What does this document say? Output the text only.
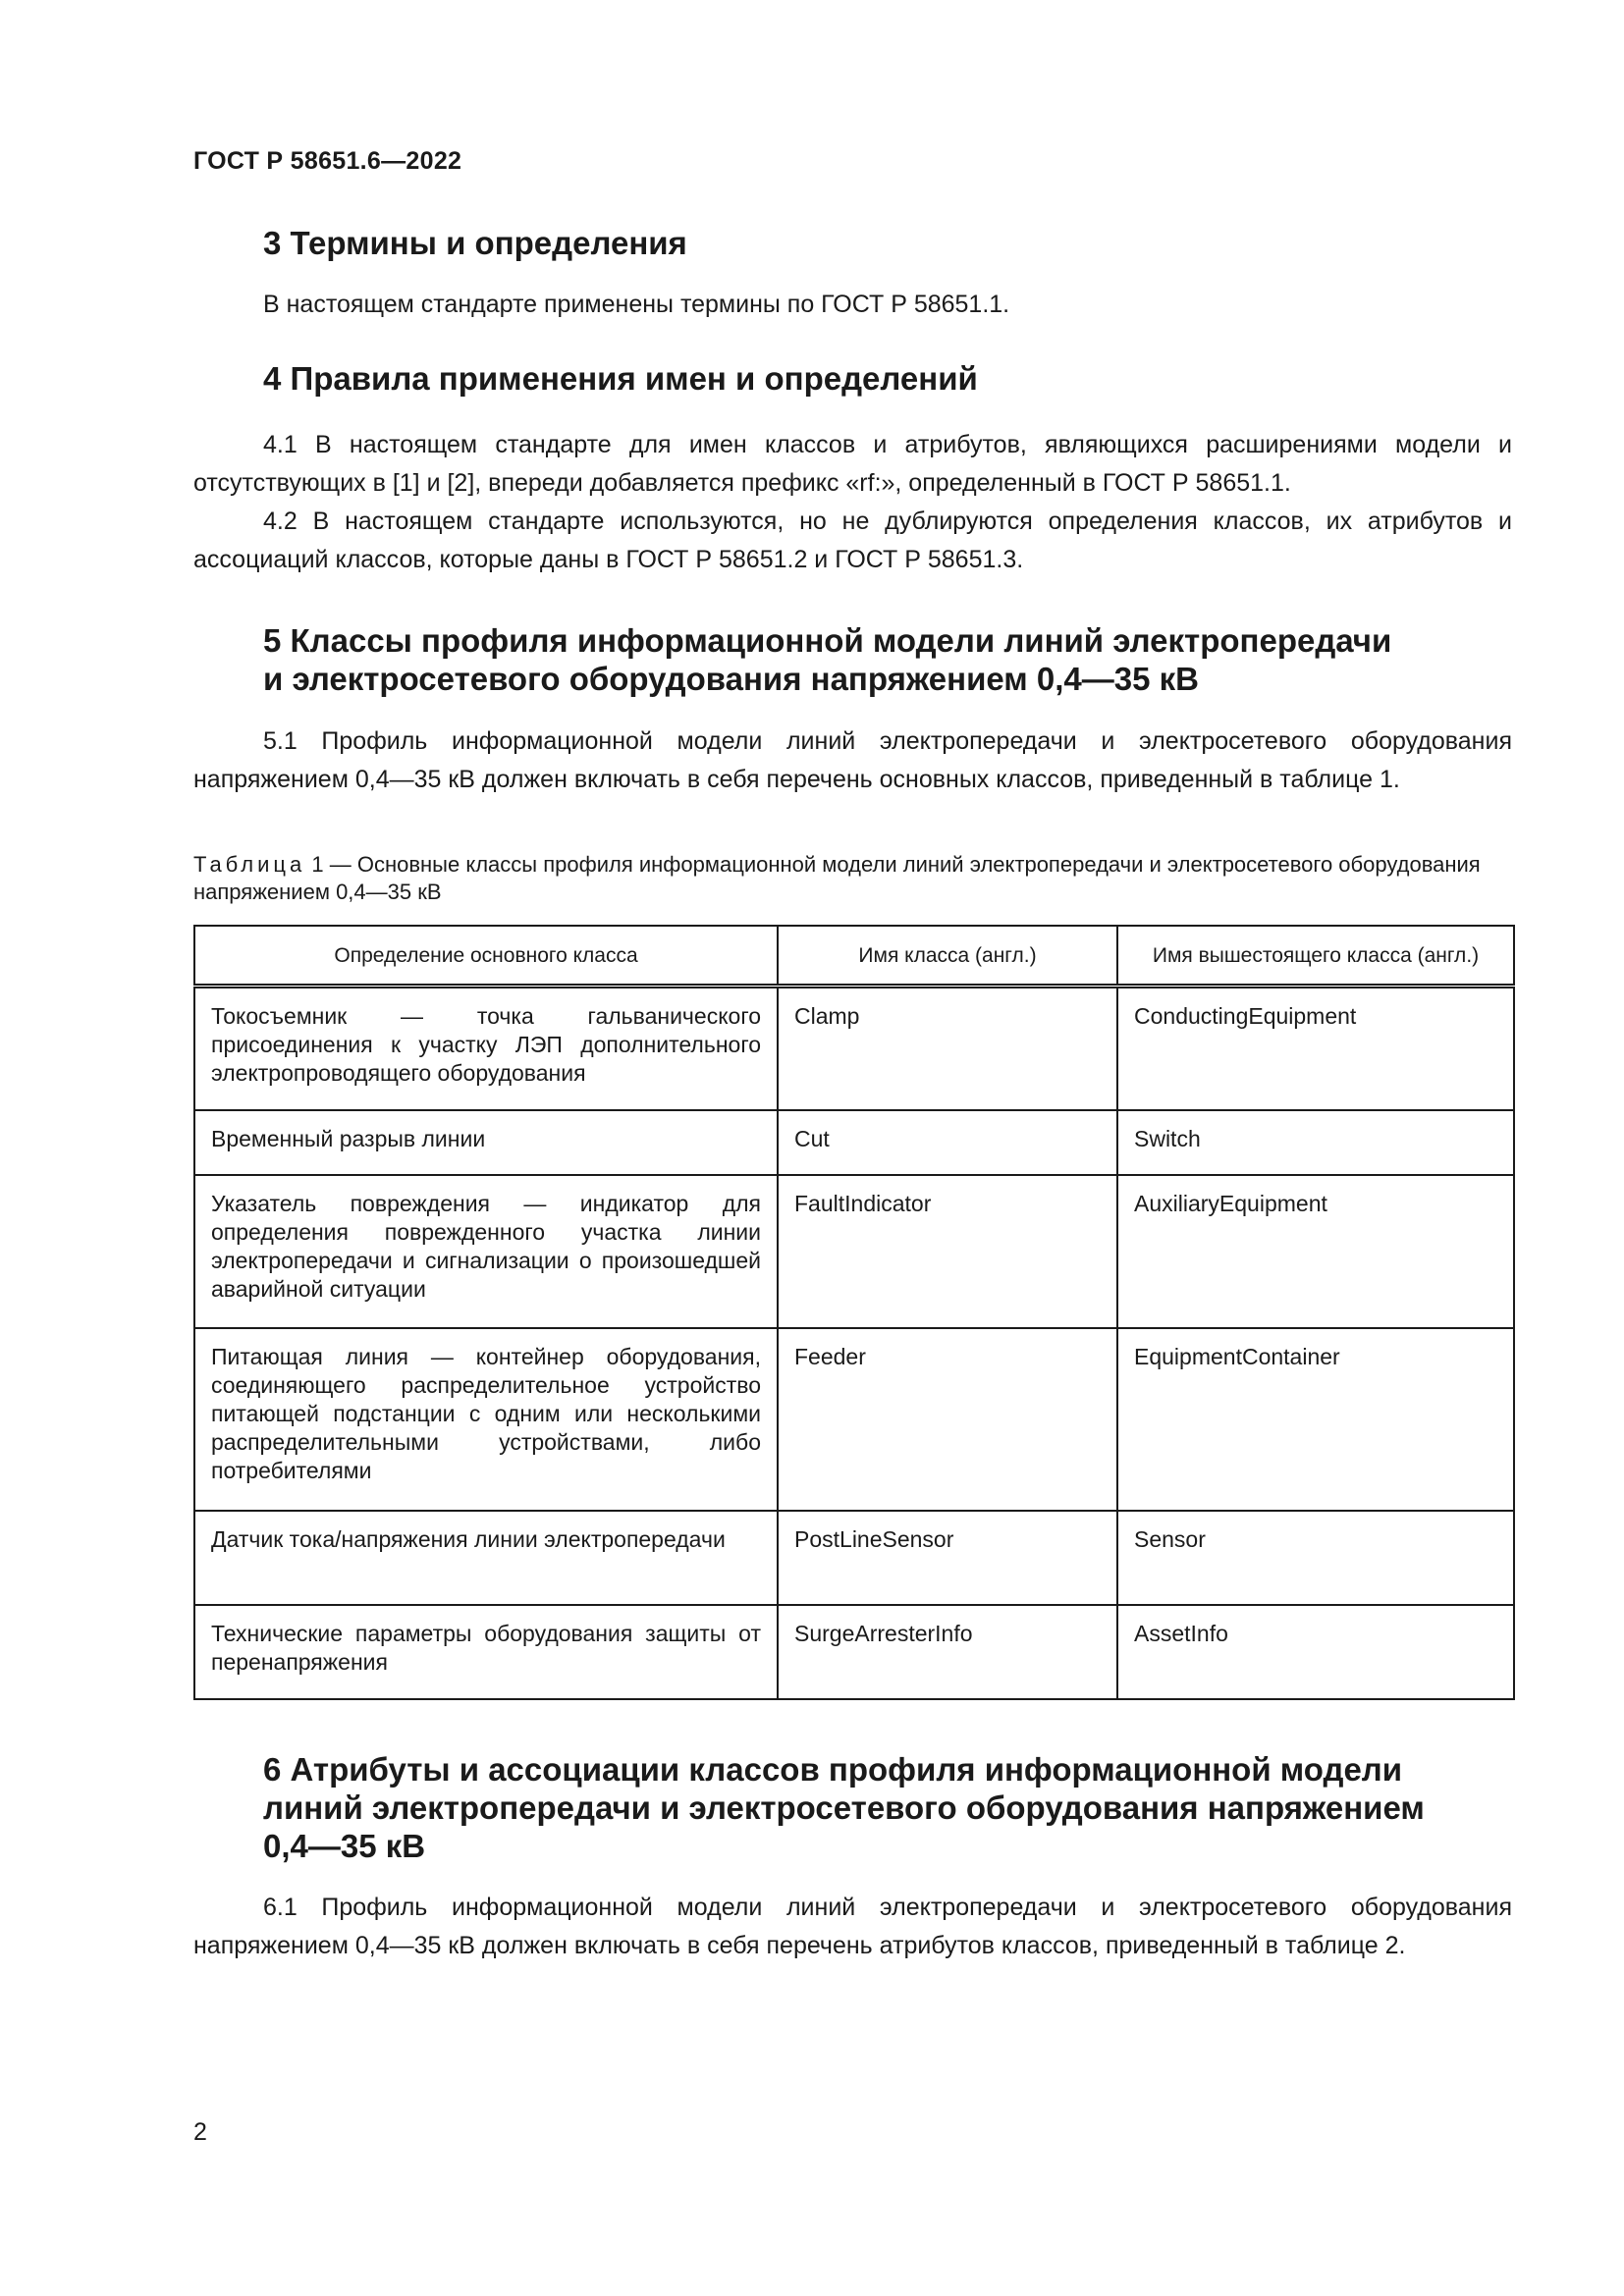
ГОСТ Р 58651.6—2022
3 Термины и определения

В настоящем стандарте применены термины по ГОСТ Р 58651.1.

4 Правила применения имен и определений

4.1 В настоящем стандарте для имен классов и атрибутов, являющихся расширениями модели и отсутствующих в [1] и [2], впереди добавляется префикс «rf:», определенный в ГОСТ Р 58651.1.

4.2 В настоящем стандарте используются, но не дублируются определения классов, их атрибутов и ассоциаций классов, которые даны в ГОСТ Р 58651.2 и ГОСТ Р 58651.3.

5 Классы профиля информационной модели линий электропередачи
и электросетевого оборудования напряжением 0,4—35 кВ

5.1 Профиль информационной модели линий электропередачи и электросетевого оборудования напряжением 0,4—35 кВ должен включать в себя перечень основных классов, приведенный в таблице 1.

Таблица 1 — Основные классы профиля информационной модели линий электропередачи и электросетевого оборудования напряжением 0,4—35 кВ

Определение основного класса	Имя класса (англ.)	Имя вышестоящего класса (англ.)
Токосъемник — точка гальванического присоединения к участку ЛЭП дополнительного электропроводящего оборудования	Clamp	ConductingEquipment
Временный разрыв линии	Cut	Switch
Указатель повреждения — индикатор для определения поврежденного участка линии электропередачи и сигнализации о произошедшей аварийной ситуации	FaultIndicator	AuxiliaryEquipment
Питающая линия — контейнер оборудования, соединяющего распределительное устройство питающей подстанции с одним или несколькими распределительными устройствами, либо потребителями	Feeder	EquipmentContainer
Датчик тока/напряжения линии электропередачи	PostLineSensor	Sensor
Технические параметры оборудования защиты от перенапряжения	SurgeArresterInfo	AssetInfo
6 Атрибуты и ассоциации классов профиля информационной модели
линий электропередачи и электросетевого оборудования напряжением
0,4—35 кВ

6.1 Профиль информационной модели линий электропередачи и электросетевого оборудования напряжением 0,4—35 кВ должен включать в себя перечень атрибутов классов, приведенный в таблице 2.

2
